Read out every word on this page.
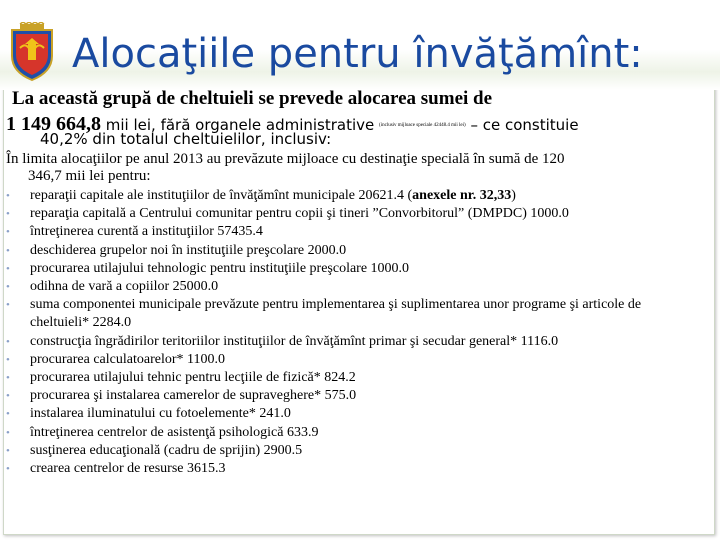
Alocaţiile pentru învăţămînt:
La această grupă de cheltuieli se prevede alocarea sumei de
1 149 664,8 mii lei, fără organele administrative (inclusiv mijloace speciale 42448.4 mii lei) – ce constituie
40,2% din totalul cheltuielilor, inclusiv:
În limita alocaţiilor pe anul 2013 au prevăzute mijloace cu destinaţie specială în sumă de 120
346,7 mii lei pentru:
• reparaţii capitale ale instituţiilor de învăţămînt municipale 20621.4 (anexele nr. 32,33)
• reparaţia capitală a Centrului comunitar pentru copii şi tineri ”Convorbitorul” (DMPDC) 1000.0
• întreţinerea curentă a instituţiilor 57435.4
• deschiderea grupelor noi în instituţiile preşcolare 2000.0
• procurarea utilajului tehnologic pentru instituţiile preşcolare 1000.0
• odihna de vară a copiilor 25000.0
• suma componentei municipale prevăzute pentru implementarea şi suplimentarea unor programe şi articole de cheltuieli* 2284.0
• construcţia îngrădirilor teritoriilor instituţiilor de învăţămînt primar şi secudar general* 1116.0
• procurarea calculatoarelor* 1100.0
• procurarea utilajului tehnic pentru lecţiile de fizică* 824.2
• procurarea şi instalarea camerelor de supraveghere* 575.0
• instalarea iluminatului cu fotoelemente* 241.0
• întreţinerea centrelor de asistenţă psihologică 633.9
• susţinerea educaţională (cadru de sprijin) 2900.5
• crearea centrelor de resurse 3615.3
